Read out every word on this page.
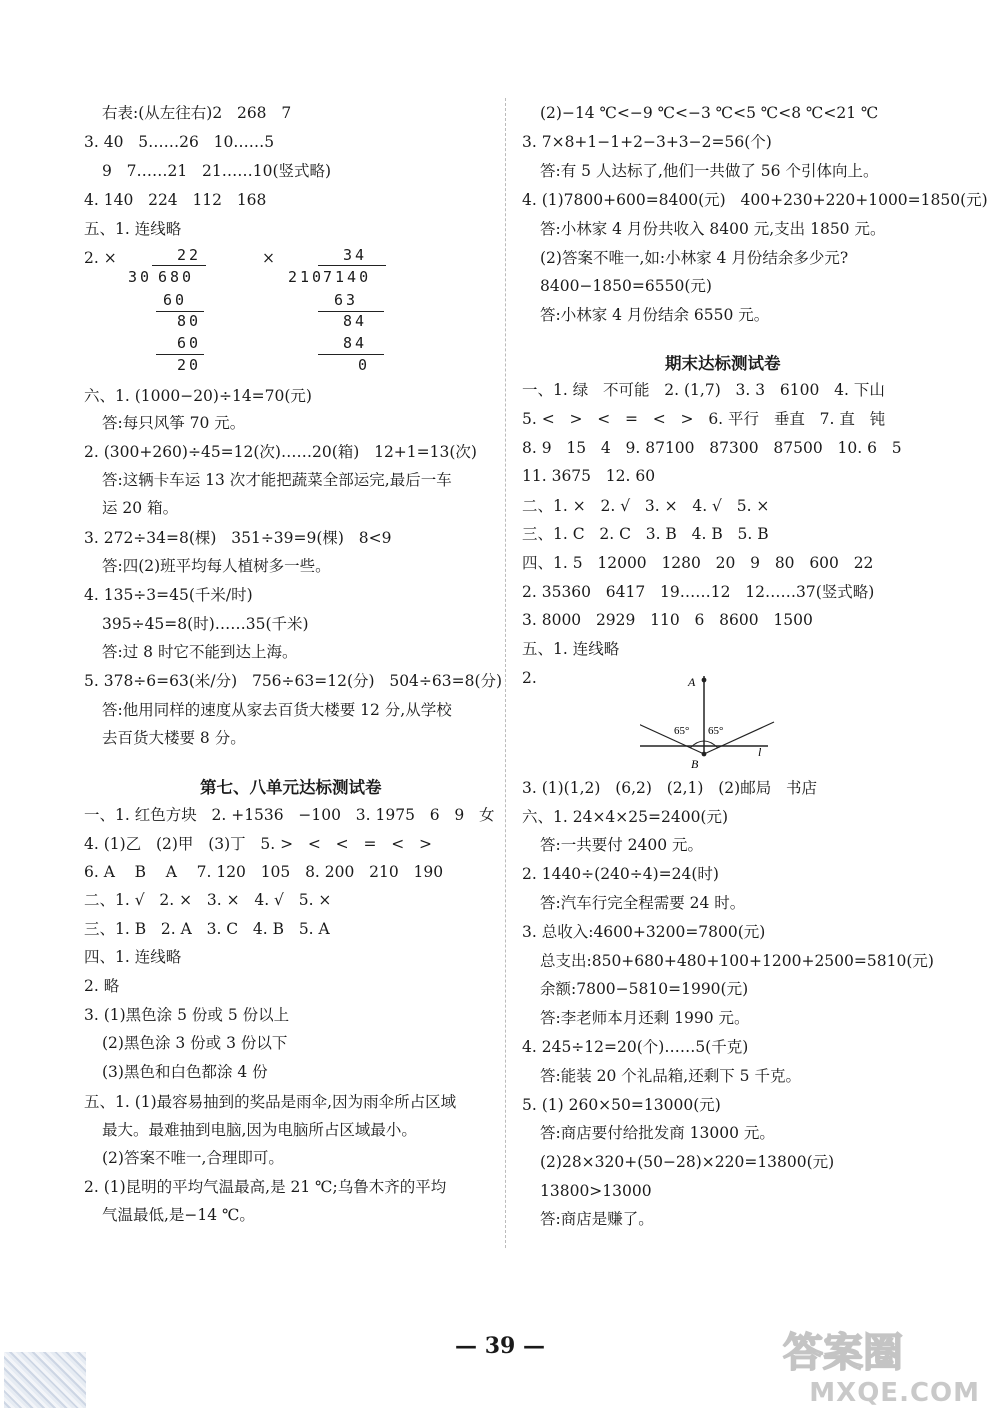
右表:(从左往右)2   268   7
3. 40   5……26   10……5
9   7……21   21……10(竖式略)
4. 140   224   112   168
五、1. 连线略
2. ×	22
30 680
60
80
60
20
×	34
210
7140
63
84
84
0
六、1. (1000−20)÷14=70(元)
答:每只风筝 70 元。
2. (300+260)÷45=12(次)……20(箱)   12+1=13(次)
答:这辆卡车运 13 次才能把蔬菜全部运完,最后一车
运 20 箱。
3. 272÷34=8(棵)   351÷39=9(棵)   8<9
答:四(2)班平均每人植树多一些。
4. 135÷3=45(千米/时)
395÷45=8(时)……35(千米)
答:过 8 时它不能到达上海。
5. 378÷6=63(米/分)   756÷63=12(分)   504÷63=8(分)
答:他用同样的速度从家去百货大楼要 12 分,从学校
去百货大楼要 8 分。
第七、八单元达标测试卷
一、1. 红色方块   2. +1536   −100   3. 1975   6   9   女
4. (1)乙   (2)甲   (3)丁   5. >   <   <   =   <   >
6. A    B    A    7. 120   105   8. 200   210   190
二、1. √   2. ×   3. ×   4. √   5. ×
三、1. B   2. A   3. C   4. B   5. A
四、1. 连线略
2. 略
3. (1)黑色涂 5 份或 5 份以上
(2)黑色涂 3 份或 3 份以下
(3)黑色和白色都涂 4 份
五、1. (1)最容易抽到的奖品是雨伞,因为雨伞所占区域
最大。最难抽到电脑,因为电脑所占区域最小。
(2)答案不唯一,合理即可。
2. (1)昆明的平均气温最高,是 21 ℃;乌鲁木齐的平均
气温最低,是−14 ℃。
(2)−14 ℃<−9 ℃<−3 ℃<5 ℃<8 ℃<21 ℃
3. 7×8+1−1+2−3+3−2=56(个)
答:有 5 人达标了,他们一共做了 56 个引体向上。
4. (1)7800+600=8400(元)   400+230+220+1000=1850(元)
答:小林家 4 月份共收入 8400 元,支出 1850 元。
(2)答案不唯一,如:小林家 4 月份结余多少元?
8400−1850=6550(元)
答:小林家 4 月份结余 6550 元。
期末达标测试卷
一、1. 绿   不可能   2. (1,7)   3. 3   6100   4. 下山
5. <   >   <   =   <   >   6. 平行   垂直   7. 直   钝
8. 9   15   4   9. 87100   87300   87500   10. 6   5
11. 3675   12. 60
二、1. ×   2. √   3. ×   4. √   5. ×
三、1. C   2. C   3. B   4. B   5. B
四、1. 5   12000   1280   20   9   80   600   22
2. 35360   6417   19……12   12……37(竖式略)
3. 8000   2929   110   6   8600   1500
五、1. 连线略
2.	A
B
l
65° 65°
3. (1)(1,2)   (6,2)   (2,1)   (2)邮局   书店
六、1. 24×4×25=2400(元)
答:一共要付 2400 元。
2. 1440÷(240÷4)=24(时)
答:汽车行完全程需要 24 时。
3. 总收入:4600+3200=7800(元)
总支出:850+680+480+100+1200+2500=5810(元)
余额:7800−5810=1990(元)
答:李老师本月还剩 1990 元。
4. 245÷12=20(个)……5(千克)
答:能装 20 个礼品箱,还剩下 5 千克。
5. (1) 260×50=13000(元)
答:商店要付给批发商 13000 元。
(2)28×320+(50−28)×220=13800(元)
13800>13000
答:商店是赚了。
— 39 —	答案圈
MXQE.COM
